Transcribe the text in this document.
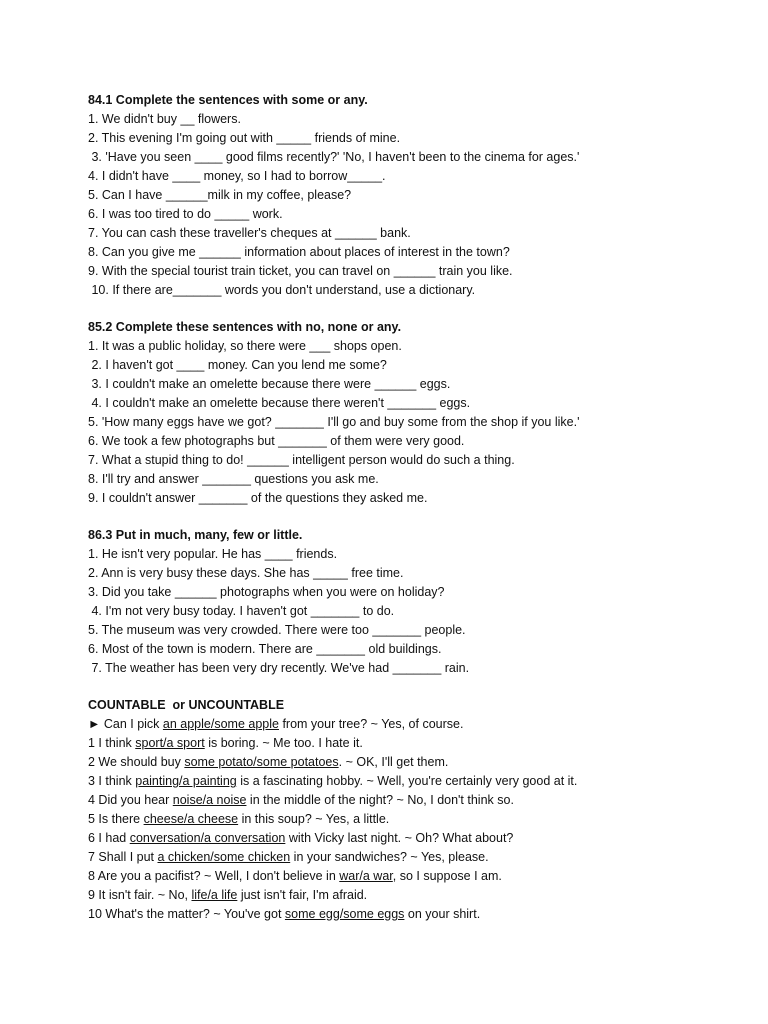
84.1 Complete the sentences with some or any.
1. We didn't buy __ flowers.
2. This evening I'm going out with _____ friends of mine.
3. 'Have you seen ____ good films recently?' 'No, I haven't been to the cinema for ages.'
4. I didn't have ____ money, so I had to borrow_____.
5. Can I have ______milk in my coffee, please?
6. I was too tired to do _____ work.
7. You can cash these traveller's cheques at ______ bank.
8. Can you give me ______ information about places of interest in the town?
9. With the special tourist train ticket, you can travel on ______ train you like.
10. If there are_______ words you don't understand, use a dictionary.
85.2 Complete these sentences with no, none or any.
1. It was a public holiday, so there were ___ shops open.
2. I haven't got ____ money. Can you lend me some?
3. I couldn't make an omelette because there were ______ eggs.
4. I couldn't make an omelette because there weren't _______ eggs.
5. 'How many eggs have we got? _______ I'll go and buy some from the shop if you like.'
6. We took a few photographs but _______ of them were very good.
7. What a stupid thing to do! ______ intelligent person would do such a thing.
8. I'll try and answer _______ questions you ask me.
9. I couldn't answer _______ of the questions they asked me.
86.3 Put in much, many, few or little.
1. He isn't very popular. He has ____ friends.
2. Ann is very busy these days. She has _____ free time.
3. Did you take ______ photographs when you were on holiday?
4. I'm not very busy today. I haven't got _______ to do.
5. The museum was very crowded. There were too _______ people.
6. Most of the town is modern. There are _______ old buildings.
7. The weather has been very dry recently. We've had _______ rain.
COUNTABLE  or UNCOUNTABLE
► Can I pick an apple/some apple from your tree? ~ Yes, of course.
1 I think sport/a sport is boring. ~ Me too. I hate it.
2 We should buy some potato/some potatoes. ~ OK, I'll get them.
3 I think painting/a painting is a fascinating hobby. ~ Well, you're certainly very good at it.
4 Did you hear noise/a noise in the middle of the night? ~ No, I don't think so.
5 Is there cheese/a cheese in this soup? ~ Yes, a little.
6 I had conversation/a conversation with Vicky last night. ~ Oh? What about?
7 Shall I put a chicken/some chicken in your sandwiches? ~ Yes, please.
8 Are you a pacifist? ~ Well, I don't believe in war/a war, so I suppose I am.
9 It isn't fair. ~ No, life/a life just isn't fair, I'm afraid.
10 What's the matter? ~ You've got some egg/some eggs on your shirt.
